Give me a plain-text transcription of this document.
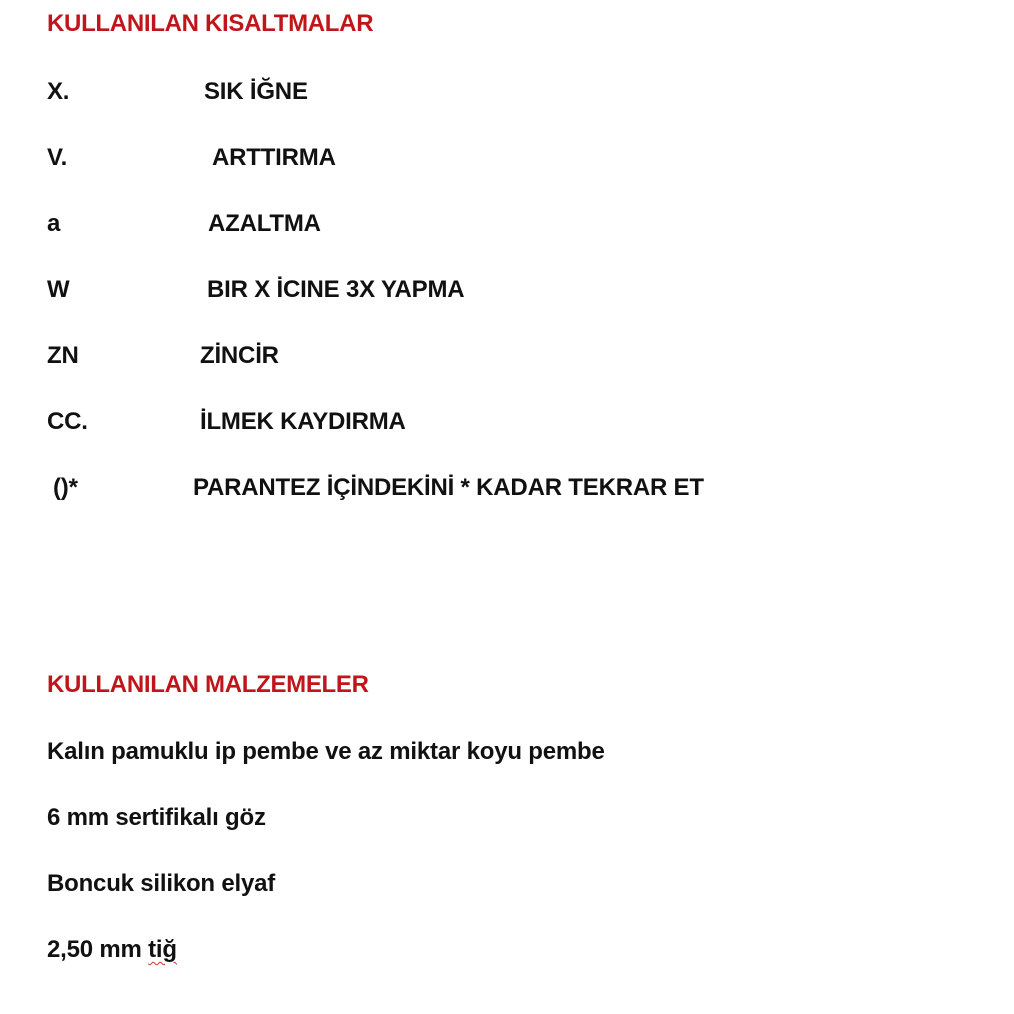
KULLANILAN KISALTMALAR
X.	SIK İĞNE
V.	ARTTIRMA
a	AZALTMA
W	BIR X İCINE 3X YAPMA
ZN	ZİNCİR
CC.	İLMEK KAYDIRMA
()*	PARANTEZ İÇİNDEKİNİ * KADAR TEKRAR ET
KULLANILAN MALZEMELER
Kalın pamuklu ip pembe ve az miktar koyu pembe
6 mm sertifikalı göz
Boncuk silikon elyaf
2,50 mm tiğ
